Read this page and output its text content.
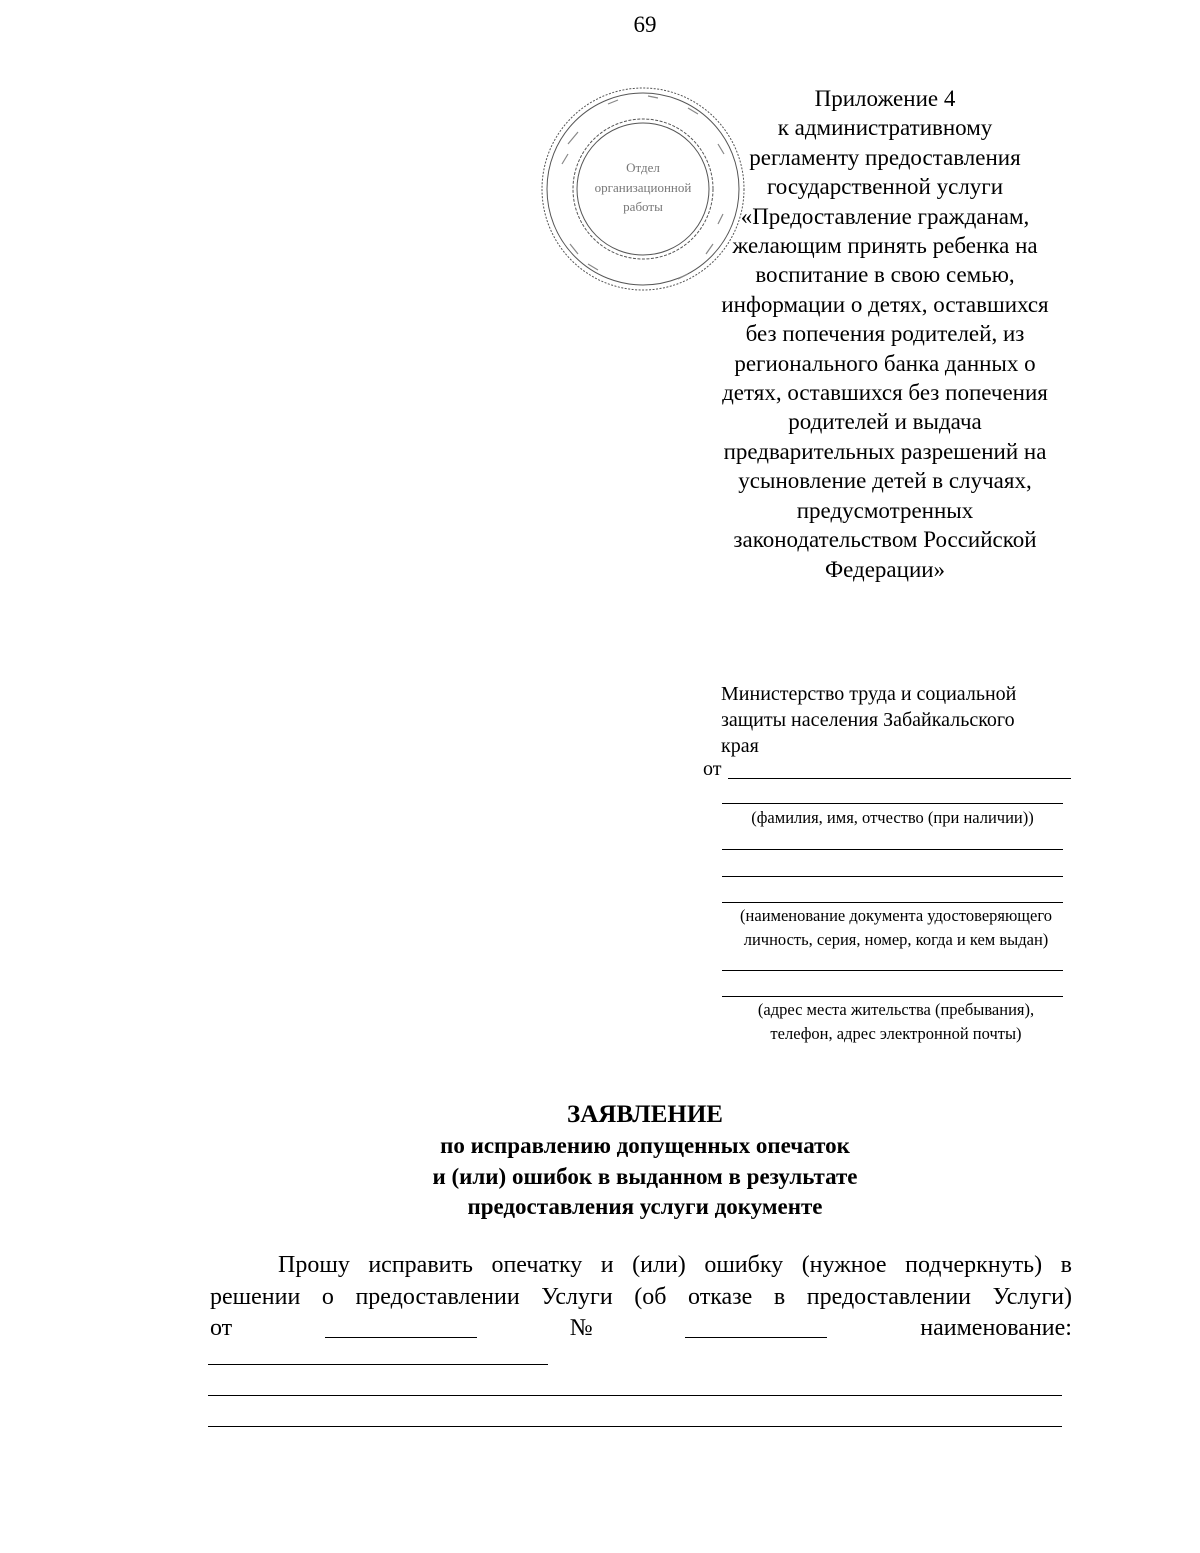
69
Отдел
организационной
работы
Приложение 4
к административному
регламенту предоставления
государственной услуги
«Предоставление гражданам,
желающим принять ребенка на
воспитание в свою семью,
информации о детях, оставшихся
без попечения родителей, из
регионального банка данных о
детях, оставшихся без попечения
родителей и выдача
предварительных разрешений на
усыновление детей в случаях,
предусмотренных
законодательством Российской
Федерации»
Министерство труда и социальной
защиты населения Забайкальского
края
от
(фамилия, имя, отчество (при наличии))
(наименование документа удостоверяющего
личность, серия, номер, когда и кем выдан)
(адрес места жительства (пребывания),
телефон, адрес электронной почты)
ЗАЯВЛЕНИЕ
по исправлению допущенных опечаток
и (или) ошибок в выданном в результате
предоставления услуги документе
Прошу исправить опечатку и (или) ошибку (нужное подчеркнуть) в
решении о предоставлении Услуги (об отказе в предоставлении Услуги)
от	№	наименование:
